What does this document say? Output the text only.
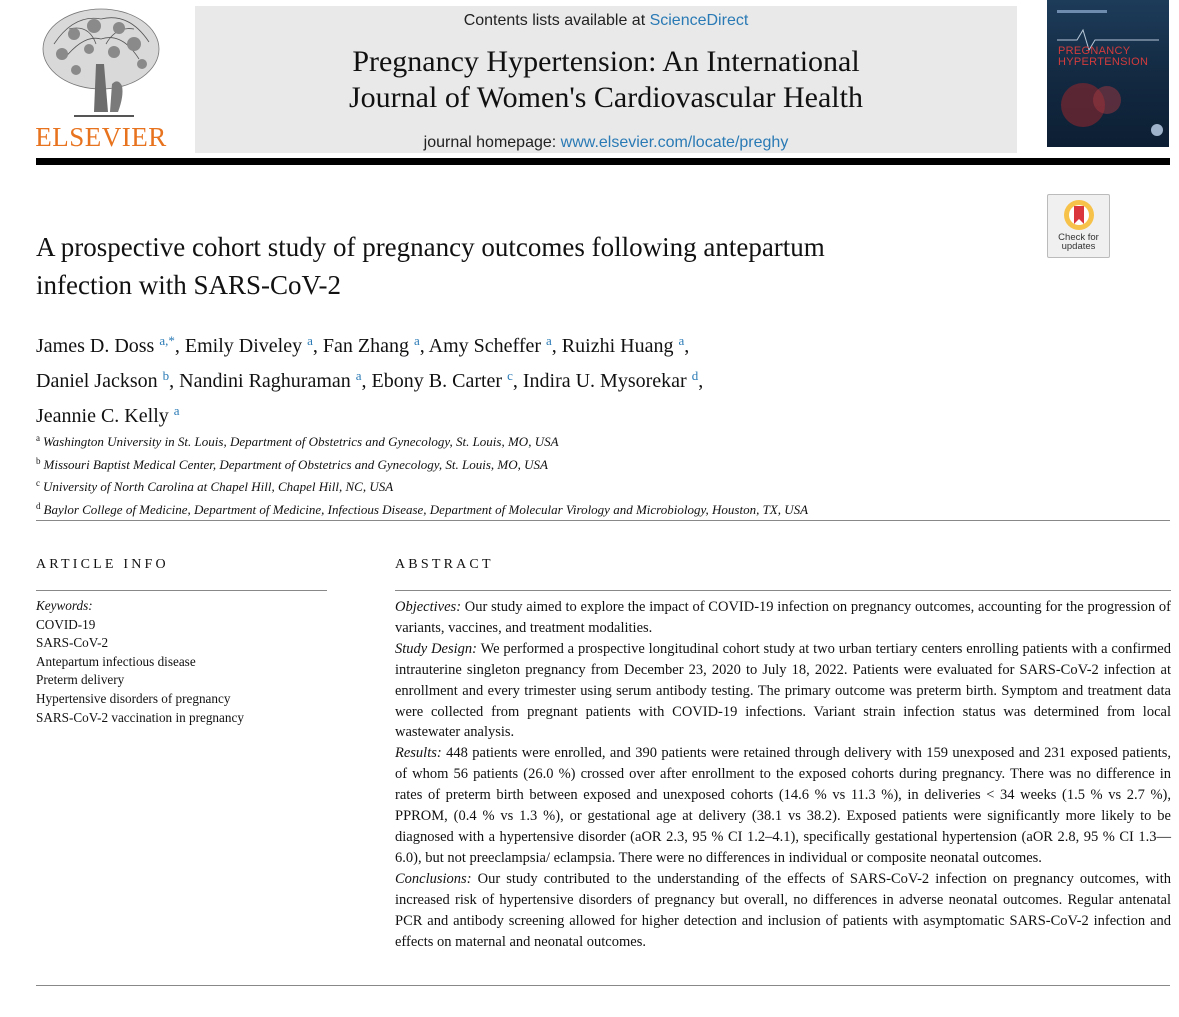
ELSEVIER
Contents lists available at ScienceDirect
Pregnancy Hypertension: An International
Journal of Women's Cardiovascular Health
journal homepage: www.elsevier.com/locate/preghy
PREGNANCY
HYPERTENSION
Check for
updates
A prospective cohort study of pregnancy outcomes following antepartum
infection with SARS-CoV-2
James D. Doss $^{a,*}$, Emily Diveley $^a$, Fan Zhang $^a$, Amy Scheffer $^a$, Ruizhi Huang $^a$,
Daniel Jackson $^b$, Nandini Raghuraman $^a$, Ebony B. Carter $^c$, Indira U. Mysorekar $^d$,
Jeannie C. Kelly $^a$
$^a$ Washington University in St. Louis, Department of Obstetrics and Gynecology, St. Louis, MO, USA
$^b$ Missouri Baptist Medical Center, Department of Obstetrics and Gynecology, St. Louis, MO, USA
$^c$ University of North Carolina at Chapel Hill, Chapel Hill, NC, USA
$^d$ Baylor College of Medicine, Department of Medicine, Infectious Disease, Department of Molecular Virology and Microbiology, Houston, TX, USA
ARTICLE INFO
Keywords:
COVID-19
SARS-CoV-2
Antepartum infectious disease
Preterm delivery
Hypertensive disorders of pregnancy
SARS-CoV-2 vaccination in pregnancy
ABSTRACT
Objectives: Our study aimed to explore the impact of COVID-19 infection on pregnancy outcomes, accounting for the progression of variants, vaccines, and treatment modalities.
Study Design: We performed a prospective longitudinal cohort study at two urban tertiary centers enrolling patients with a confirmed intrauterine singleton pregnancy from December 23, 2020 to July 18, 2022. Patients were evaluated for SARS-CoV-2 infection at enrollment and every trimester using serum antibody testing. The primary outcome was preterm birth. Symptom and treatment data were collected from pregnant patients with COVID-19 infections. Variant strain infection status was determined from local wastewater analysis.
Results: 448 patients were enrolled, and 390 patients were retained through delivery with 159 unexposed and 231 exposed patients, of whom 56 patients (26.0 %) crossed over after enrollment to the exposed cohorts during pregnancy. There was no difference in rates of preterm birth between exposed and unexposed cohorts (14.6 % vs 11.3 %), in deliveries < 34 weeks (1.5 % vs 2.7 %), PPROM, (0.4 % vs 1.3 %), or gestational age at delivery (38.1 vs 38.2). Exposed patients were significantly more likely to be diagnosed with a hypertensive disorder (aOR 2.3, 95 % CI 1.2–4.1), specifically gestational hypertension (aOR 2.8, 95 % CI 1.3—6.0), but not preeclampsia/ eclampsia. There were no differences in individual or composite neonatal outcomes.
Conclusions: Our study contributed to the understanding of the effects of SARS-CoV-2 infection on pregnancy outcomes, with increased risk of hypertensive disorders of pregnancy but overall, no differences in adverse neonatal outcomes. Regular antenatal PCR and antibody screening allowed for higher detection and inclusion of patients with asymptomatic SARS-CoV-2 infection and effects on maternal and neonatal outcomes.
